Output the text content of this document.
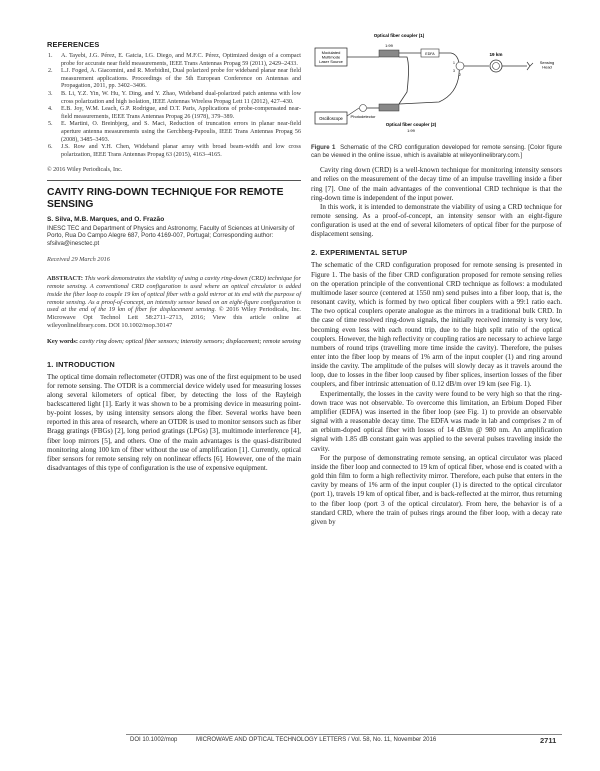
REFERENCES
1. A. Tayebi, J.G. Pérez, E. Gatcia, I.G. Diego, and M.F.C. Pérez, Optimized design of a compact probe for accurate near field measurements, IEEE Trans Antennas Propag 59 (2011), 2429–2433.
2. L.J. Foged, A. Giacomini, and R. Morbidini, Dual polarized probe for wideband planar near field measurement applications. Proceedings of the 5th European Conference on Antennas and Propagation, 2011, pp. 3402–3406.
3. B. Li, Y.Z. Yin, W. Hu, Y. Ding, and Y. Zhao, Wideband dual-polarized patch antenna with low cross polarization and high isolation, IEEE Antennas Wireless Propag Lett 11 (2012), 427–430.
4. E.B. Joy, W.M. Leach, G.P. Rodrigue, and D.T. Paris, Applications of probe-compensated near-field measurements, IEEE Trans Antennas Propag 26 (1978), 379–389.
5. E. Martini, O. Breinbjerg, and S. Maci, Reduction of truncation errors in planar near-field aperture antenna measurements using the Gerchberg-Papoulis, IEEE Trans Antennas Propag 56 (2008), 3485–3493.
6. J.S. Row and Y.H. Chen, Wideband planar array with broad beam-width and low cross polarization, IEEE Trans Antennas Propag 63 (2015), 4163–4165.
© 2016 Wiley Periodicals, Inc.
CAVITY RING-DOWN TECHNIQUE FOR REMOTE SENSING
S. Silva, M.B. Marques, and O. Frazão
INESC TEC and Department of Physics and Astronomy, Faculty of Sciences at University of Porto, Rua Do Campo Alegre 687, Porto 4169-007, Portugal; Corresponding author: sfsilva@inesctec.pt
Received 29 March 2016
ABSTRACT: This work demonstrates the viability of using a cavity ring-down (CRD) technique for remote sensing. A conventional CRD configuration is used where an optical circulator is added inside the fiber loop to couple 19 km of optical fiber with a gold mirror at its end with the purpose of remote sensing. As a proof-of-concept, an intensity sensor based on an eight-figure configuration is used at the end of the 19 km of fiber for displacement sensing. © 2016 Wiley Periodicals, Inc. Microwave Opt Technol Lett 58:2711–2713, 2016; View this article online at wileyonlinelibrary.com. DOI 10.1002/mop.30147
Key words: cavity ring down; optical fiber sensors; intensity sensors; displacement; remote sensing
1. INTRODUCTION

The optical time domain reflectometer (OTDR) was one of the first equipment to be used for remote sensing. The OTDR is a commercial device widely used for measuring losses along several kilometers of optical fiber, by detecting the loss of the Rayleigh backscattered light [1]. Early it was shown to be a promising device in measuring point-by-point losses, by using intensity sensors along the fiber. Several works have been reported in this area of research, where an OTDR is used to monitor sensors such as fiber Bragg gratings (FBGs) [2], long period gratings (LPGs) [3], multimode interference [4], fiber loop mirrors [5], and others. One of the main advantages is the quasi-distributed monitoring along 100 km of fiber without the use of amplification [1]. Currently, optical fiber sensors for remote sensing rely on nonlinear effects [6]. However, one of the main disadvantages of this type of configuration is the use of expensive equipment.

Modulated Multimode Laser Source
Oscilloscope
Optical fiber coupler (1)
1:99
EDFA
2
1
3
19 km
Sensing Head
Optical fiber coupler (2)
1:99
Photodetector
Figure 1 Schematic of the CRD configuration developed for remote sensing. [Color figure can be viewed in the online issue, which is available at wileyonlinelibrary.com.]

Cavity ring down (CRD) is a well-known technique for monitoring intensity sensors and relies on the measurement of the decay time of an impulse travelling inside a fiber ring [7]. One of the main advantages of the conventional CRD technique is that the ring-down time is independent of the input power.

In this work, it is intended to demonstrate the viability of using a CRD technique for remote sensing. As a proof-of-concept, an intensity sensor with an eight-figure configuration is used at the end of several kilometers of optical fiber for the purpose of displacement sensing.

2. EXPERIMENTAL SETUP

The schematic of the CRD configuration proposed for remote sensing is presented in Figure 1. The basis of the fiber CRD configuration proposed for remote sensing relies on the operation principle of the conventional CRD technique as follows: a modulated multimode laser source (centered at 1550 nm) send pulses into a fiber loop, that is, the resonant cavity, which is formed by two optical fiber couplers with a 99:1 ratio each. The two optical couplers operate analogue as the mirrors in a traditional bulk CRD. In the case of time resolved ring-down signals, the initially received intensity is very low, becoming even less with each round trip, due to the high split ratio of the optical couplers. However, the high reflectivity or coupling ratios are necessary to achieve large numbers of round trips (travelling more time inside the cavity). Therefore, the pulses enter into the fiber loop by means of 1% arm of the input coupler (1) and ring around inside the cavity. The amplitude of the pulses will slowly decay as it travels around the loop, due to losses in the fiber loop caused by fiber splices, insertion losses of the fiber couplers, and fiber intrinsic attenuation of 0.12 dB/m over 19 km (see Fig. 1).

Experimentally, the losses in the cavity were found to be very high so that the ring-down trace was not observable. To overcome this limitation, an Erbium Doped Fiber amplifier (EDFA) was inserted in the fiber loop (see Fig. 1) to provide an observable signal with a reasonable decay time. The EDFA was made in lab and comprises 2 m of an erbium-doped optical fiber with losses of 14 dB/m @ 980 nm. An amplification signal with 1.85 dB constant gain was applied to the several pulses traveling inside the cavity.

For the purpose of demonstrating remote sensing, an optical circulator was placed inside the fiber loop and connected to 19 km of optical fiber, whose end is coated with a gold thin film to form a high reflectivity mirror. Therefore, each pulse that enters in the cavity by means of 1% arm of the input coupler (1) is directed to the optical circulator (port 1), travels 19 km of optical fiber, and is back-reflected at the mirror, thus returning to the fiber loop (port 3 of the optical circulator). From here, the behavior is of a standard CRD, where the train of pulses rings around the fiber loop, with a decay rate given by

DOI 10.1002/mop	MICROWAVE AND OPTICAL TECHNOLOGY LETTERS / Vol. 58, No. 11, November 2016	2711
